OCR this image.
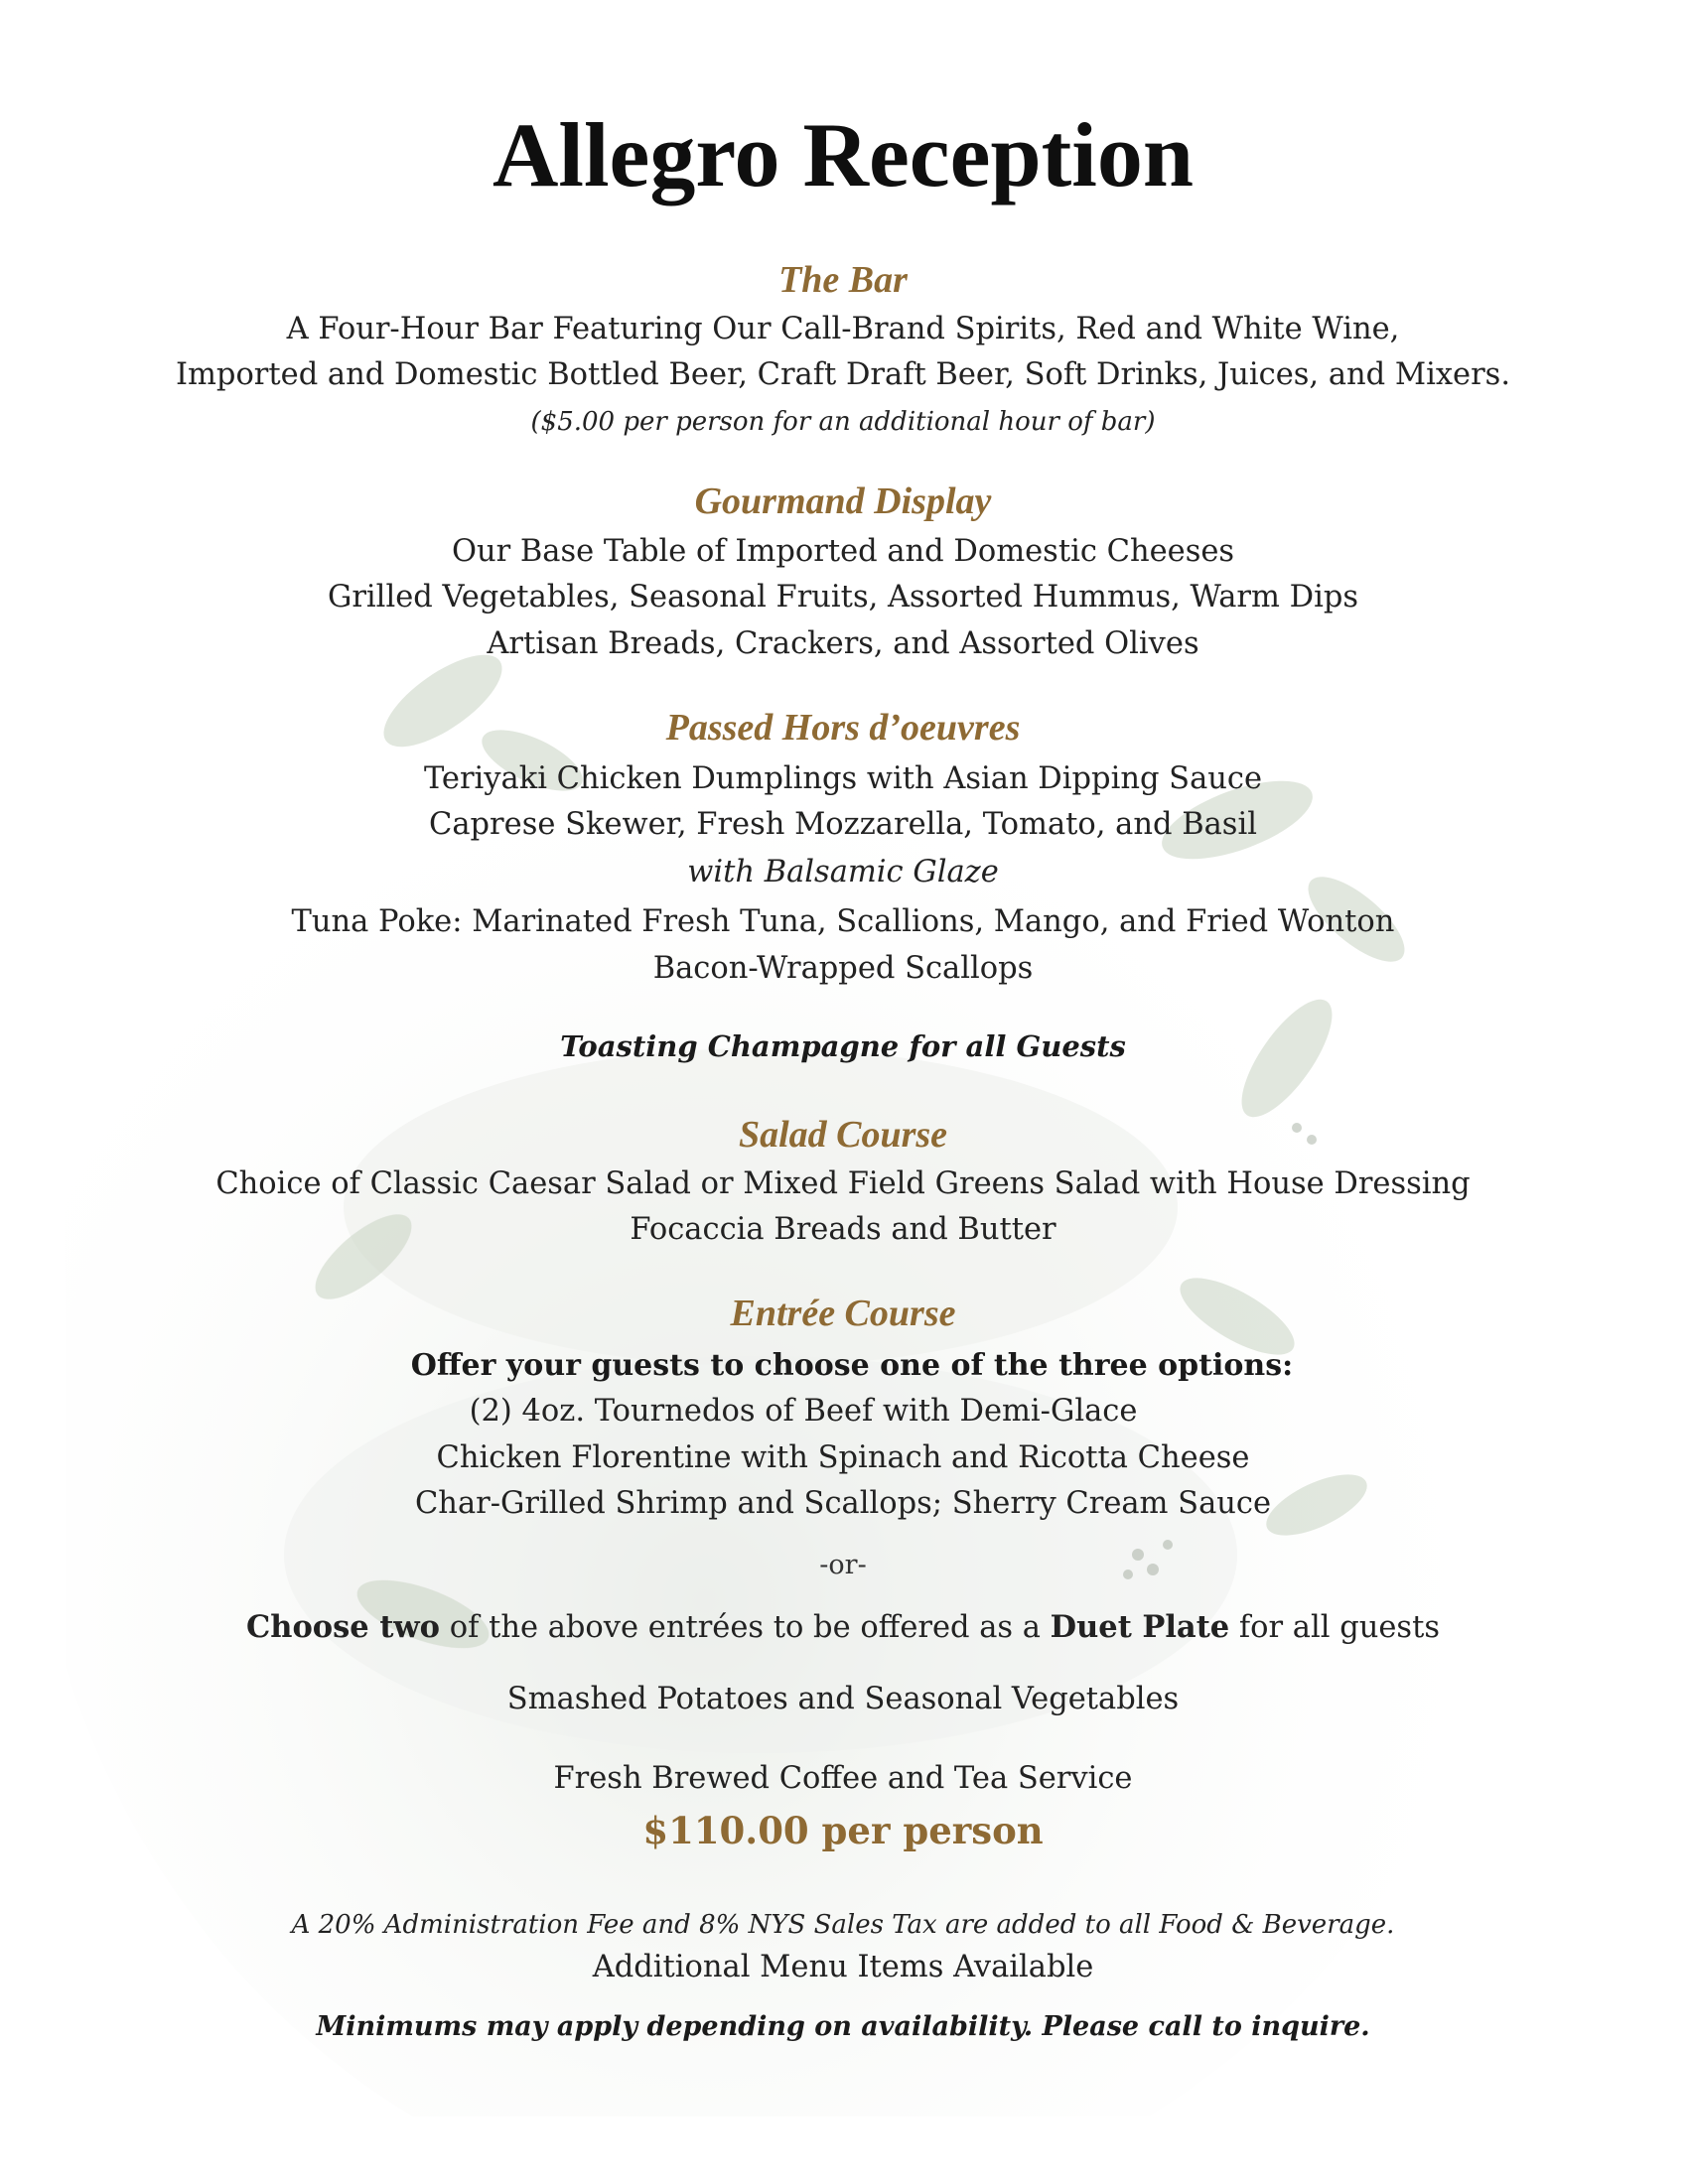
Allegro Reception
The Bar
A Four-Hour Bar Featuring Our Call-Brand Spirits, Red and White Wine,
Imported and Domestic Bottled Beer, Craft Draft Beer, Soft Drinks, Juices, and Mixers.
($5.00 per person for an additional hour of bar)
Gourmand Display
Our Base Table of Imported and Domestic Cheeses
Grilled Vegetables, Seasonal Fruits, Assorted Hummus, Warm Dips
Artisan Breads, Crackers, and Assorted Olives
Passed Hors d’oeuvres
Teriyaki Chicken Dumplings with Asian Dipping Sauce
Caprese Skewer, Fresh Mozzarella, Tomato, and Basil
with Balsamic Glaze
Tuna Poke: Marinated Fresh Tuna, Scallions, Mango, and Fried Wonton
Bacon-Wrapped Scallops
Toasting Champagne for all Guests
Salad Course
Choice of Classic Caesar Salad or Mixed Field Greens Salad with House Dressing
Focaccia Breads and Butter
Entrée Course
Offer your guests to choose one of the three options:
(2) 4oz. Tournedos of Beef with Demi-Glace
Chicken Florentine with Spinach and Ricotta Cheese
Char-Grilled Shrimp and Scallops; Sherry Cream Sauce
-or-
Choose two of the above entrées to be offered as a Duet Plate for all guests
Smashed Potatoes and Seasonal Vegetables
Fresh Brewed Coffee and Tea Service
$110.00 per person
A 20% Administration Fee and 8% NYS Sales Tax are added to all Food & Beverage.
Additional Menu Items Available
Minimums may apply depending on availability. Please call to inquire.
